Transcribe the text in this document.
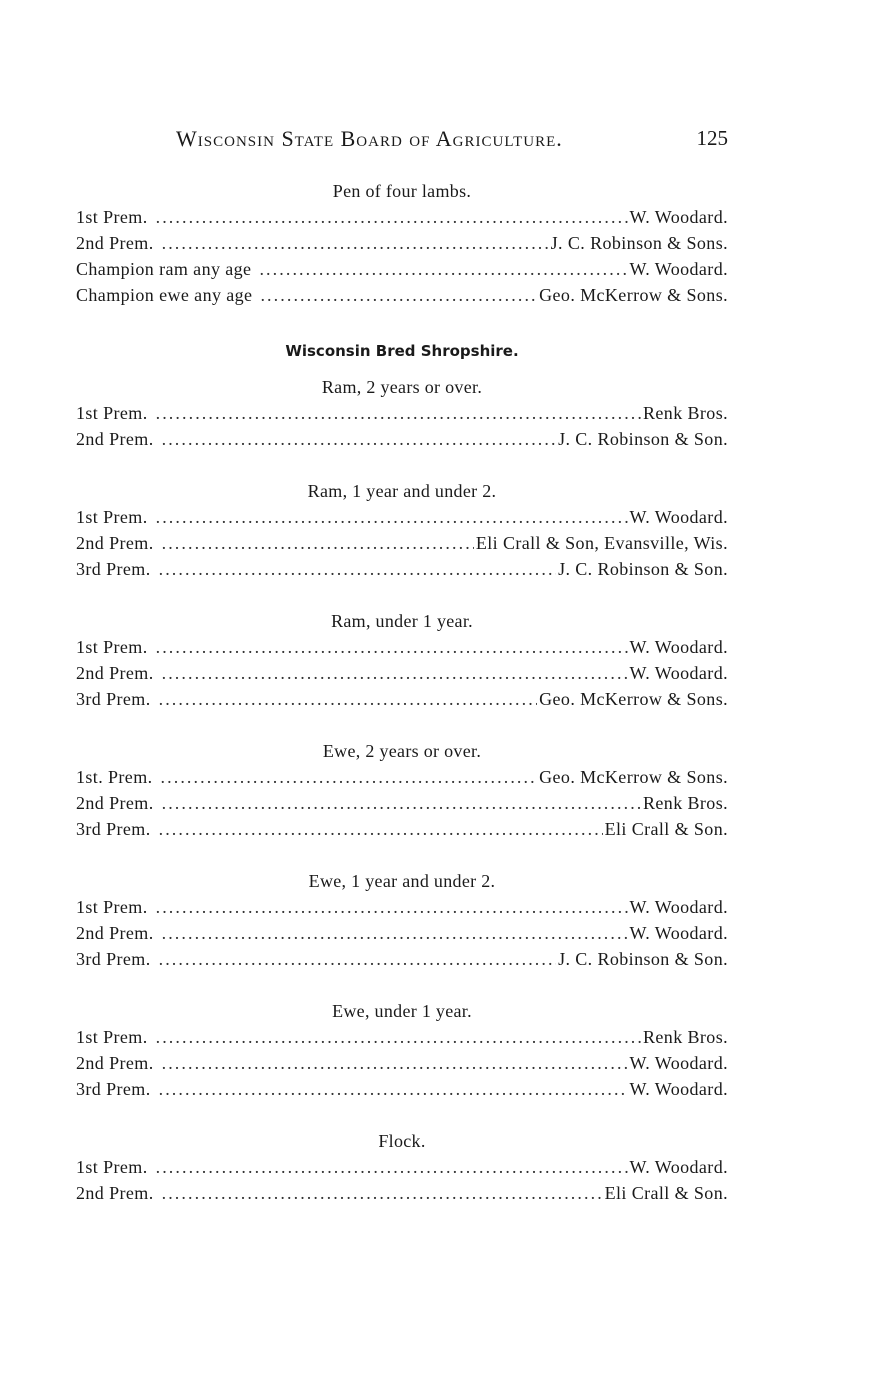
Wisconsin State Board of Agriculture.	125
Pen of four lambs.
1st Prem. . . .	W. Woodard.
2nd Prem. . . .	J. C. Robinson & Sons.
Champion ram any age . . .	W. Woodard.
Champion ewe any age . . .	Geo. McKerrow & Sons.
Wisconsin Bred Shropshire.
Ram, 2 years or over.
1st Prem. . . .	Renk Bros.
2nd Prem. . . .	J. C. Robinson & Son.
Ram, 1 year and under 2.
1st Prem. . . .	W. Woodard.
2nd Prem. . . .	Eli Crall & Son, Evansville, Wis.
3rd Prem. . . .	J. C. Robinson & Son.
Ram, under 1 year.
1st Prem. . . .	W. Woodard.
2nd Prem. . . .	W. Woodard.
3rd Prem. . . .	Geo. McKerrow & Sons.
Ewe, 2 years or over.
1st. Prem. . . .	Geo. McKerrow & Sons.
2nd Prem. . . .	Renk Bros.
3rd Prem. . . .	Eli Crall & Son.
Ewe, 1 year and under 2.
1st Prem. . . .	W. Woodard.
2nd Prem. . . .	W. Woodard.
3rd Prem. . . .	J. C. Robinson & Son.
Ewe, under 1 year.
1st Prem. . . .	Renk Bros.
2nd Prem. . . .	W. Woodard.
3rd Prem. . . .	W. Woodard.
Flock.
1st Prem. . . .	W. Woodard.
2nd Prem. . . .	Eli Crall & Son.
